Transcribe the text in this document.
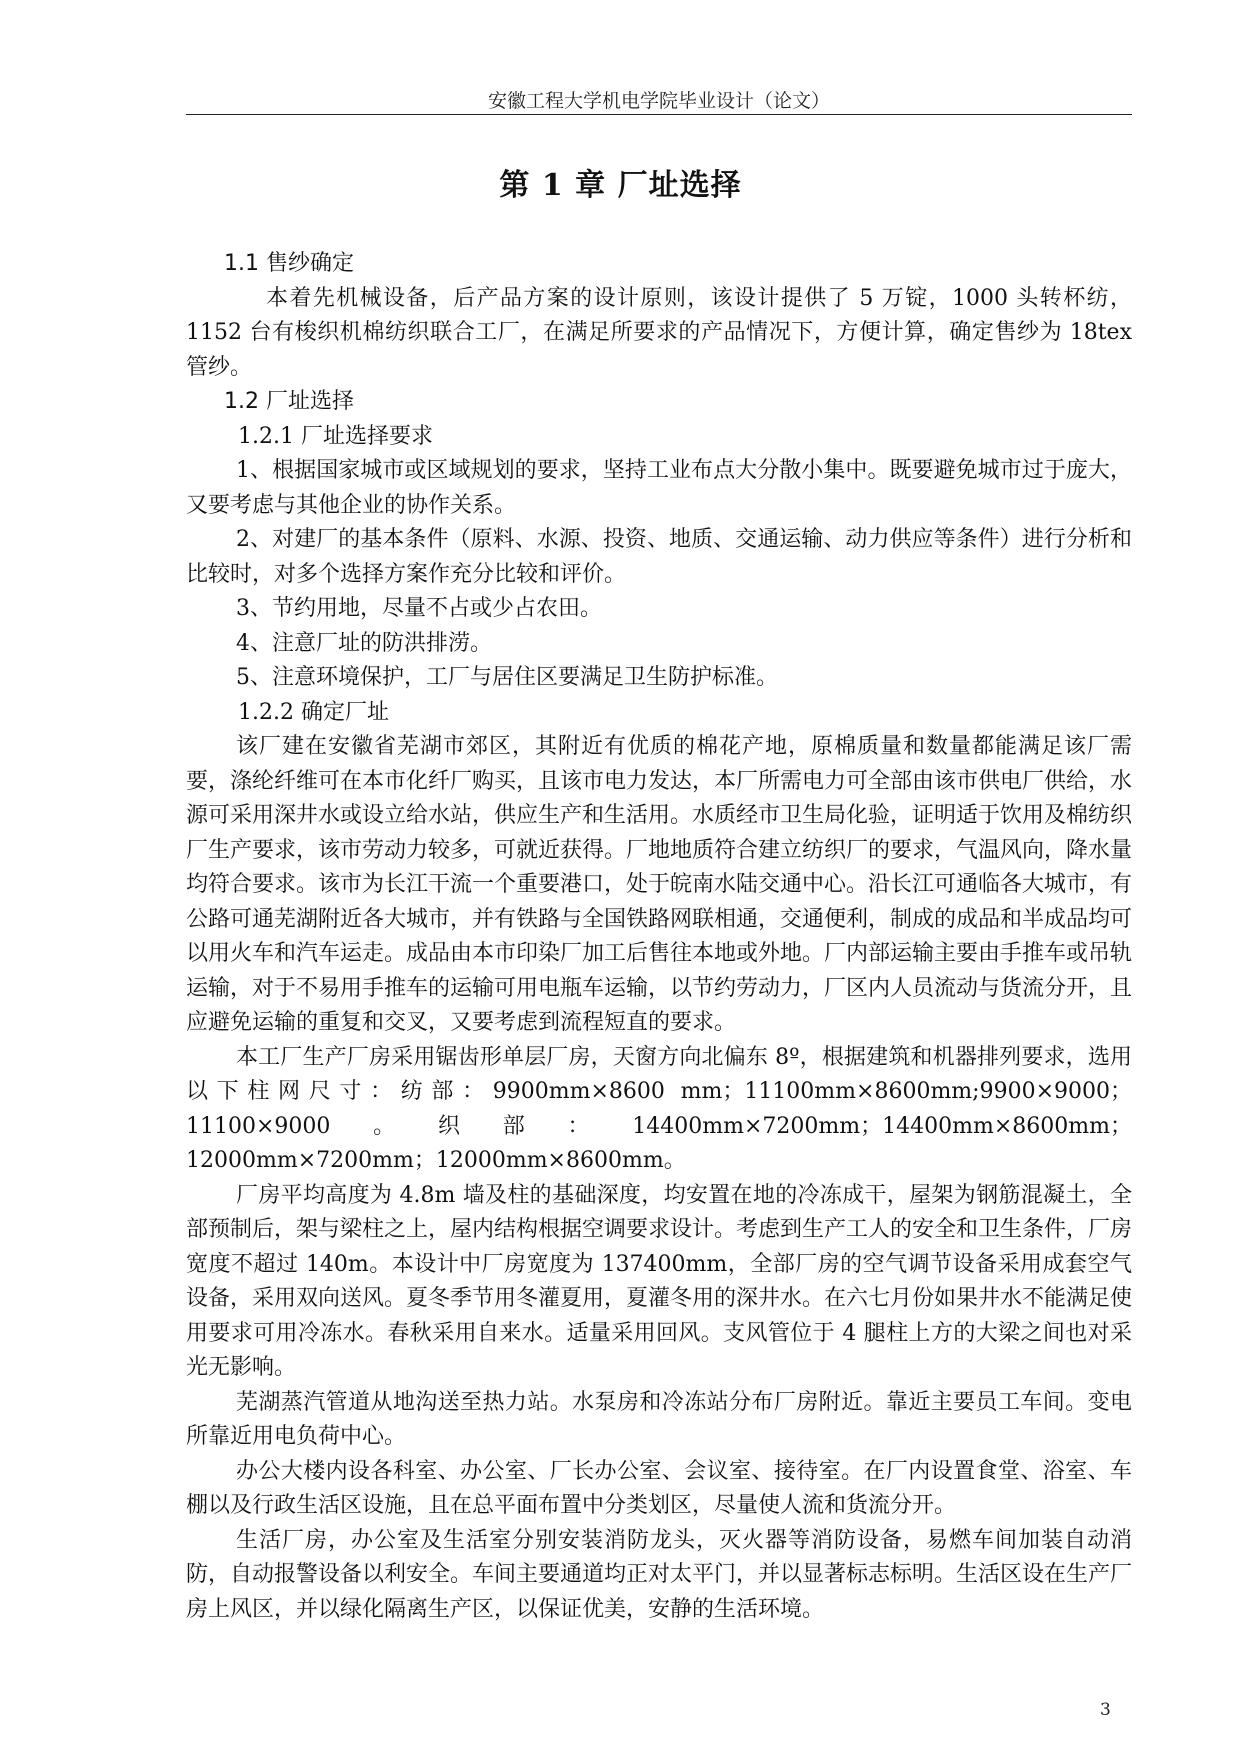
安徽工程大学机电学院毕业设计（论文）
第 1 章 厂址选择

1.1 售纱确定

本着先机械设备，后产品方案的设计原则，该设计提供了 5 万锭，1000 头转杯纺，1152 台有梭织机棉纺织联合工厂，在满足所要求的产品情况下，方便计算，确定售纱为 18tex 管纱。

1.2 厂址选择

1.2.1 厂址选择要求

1、根据国家城市或区域规划的要求，坚持工业布点大分散小集中。既要避免城市过于庞大，又要考虑与其他企业的协作关系。

2、对建厂的基本条件（原料、水源、投资、地质、交通运输、动力供应等条件）进行分析和比较时，对多个选择方案作充分比较和评价。

3、节约用地，尽量不占或少占农田。

4、注意厂址的防洪排涝。

5、注意环境保护，工厂与居住区要满足卫生防护标准。

1.2.2 确定厂址

该厂建在安徽省芜湖市郊区，其附近有优质的棉花产地，原棉质量和数量都能满足该厂需要，涤纶纤维可在本市化纤厂购买，且该市电力发达，本厂所需电力可全部由该市供电厂供给，水源可采用深井水或设立给水站，供应生产和生活用。水质经市卫生局化验，证明适于饮用及棉纺织厂生产要求，该市劳动力较多，可就近获得。厂地地质符合建立纺织厂的要求，气温风向，降水量均符合要求。该市为长江干流一个重要港口，处于皖南水陆交通中心。沿长江可通临各大城市，有公路可通芜湖附近各大城市，并有铁路与全国铁路网联相通，交通便利，制成的成品和半成品均可以用火车和汽车运走。成品由本市印染厂加工后售往本地或外地。厂内部运输主要由手推车或吊轨运输，对于不易用手推车的运输可用电瓶车运输，以节约劳动力，厂区内人员流动与货流分开，且应避免运输的重复和交叉，又要考虑到流程短直的要求。

本工厂生产厂房采用锯齿形单层厂房，天窗方向北偏东 8º，根据建筑和机器排列要求，选用以下柱网尺寸：纺部：9900mm×8600 mm；11100mm×8600mm;9900×9000；11100×9000。织部：14400mm×7200mm；14400mm×8600mm；12000mm×7200mm；12000mm×8600mm。

厂房平均高度为 4.8m 墙及柱的基础深度，均安置在地的冷冻成干，屋架为钢筋混凝土，全部预制后，架与梁柱之上，屋内结构根据空调要求设计。考虑到生产工人的安全和卫生条件，厂房宽度不超过 140m。本设计中厂房宽度为 137400mm，全部厂房的空气调节设备采用成套空气设备，采用双向送风。夏冬季节用冬灌夏用，夏灌冬用的深井水。在六七月份如果井水不能满足使用要求可用冷冻水。春秋采用自来水。适量采用回风。支风管位于 4 腿柱上方的大梁之间也对采光无影响。

芜湖蒸汽管道从地沟送至热力站。水泵房和冷冻站分布厂房附近。靠近主要员工车间。变电所靠近用电负荷中心。

办公大楼内设各科室、办公室、厂长办公室、会议室、接待室。在厂内设置食堂、浴室、车棚以及行政生活区设施，且在总平面布置中分类划区，尽量使人流和货流分开。

生活厂房，办公室及生活室分别安装消防龙头，灭火器等消防设备，易燃车间加装自动消防，自动报警设备以利安全。车间主要通道均正对太平门，并以显著标志标明。生活区设在生产厂房上风区，并以绿化隔离生产区，以保证优美，安静的生活环境。

3
